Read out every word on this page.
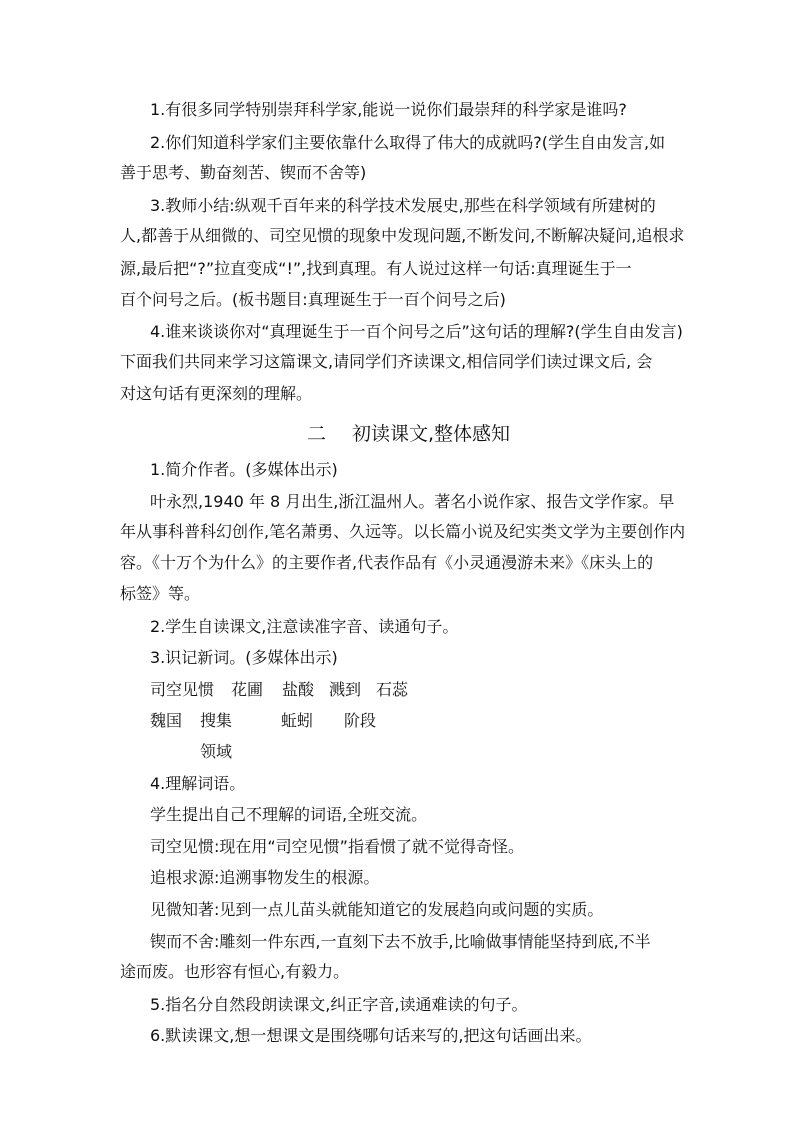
1.有很多同学特别崇拜科学家,能说一说你们最崇拜的科学家是谁吗?
2.你们知道科学家们主要依靠什么取得了伟大的成就吗?(学生自由发言,如
善于思考、勤奋刻苦、锲而不舍等)
3.教师小结:纵观千百年来的科学技术发展史,那些在科学领域有所建树的
人,都善于从细微的、司空见惯的现象中发现问题,不断发问,不断解决疑问,追根求
源,最后把“?”拉直变成“!”,找到真理。有人说过这样一句话:真理诞生于一
百个问号之后。(板书题目:真理诞生于一百个问号之后)
4.谁来谈谈你对“真理诞生于一百个问号之后”这句话的理解?(学生自由发言)
下面我们共同来学习这篇课文,请同学们齐读课文,相信同学们读过课文后, 会
对这句话有更深刻的理解。
二 初读课文,整体感知
1.简介作者。(多媒体出示)
叶永烈,1940 年 8 月出生,浙江温州人。著名小说作家、报告文学作家。早
年从事科普科幻创作,笔名萧勇、久远等。以长篇小说及纪实类文学为主要创作内
容。《十万个为什么》的主要作者,代表作品有《小灵通漫游未来》《床头上的
标签》等。
2.学生自读课文,注意读准字音、读通句子。
3.识记新词。(多媒体出示)
司空见惯 花圃 盐酸 溅到 石蕊
魏国 搜集	蚯蚓 阶段
领域
4.理解词语。
学生提出自己不理解的词语,全班交流。
司空见惯:现在用“司空见惯”指看惯了就不觉得奇怪。
追根求源:追溯事物发生的根源。
见微知著:见到一点儿苗头就能知道它的发展趋向或问题的实质。
锲而不舍:雕刻一件东西,一直刻下去不放手,比喻做事情能坚持到底,不半
途而废。也形容有恒心,有毅力。
5.指名分自然段朗读课文,纠正字音,读通难读的句子。
6.默读课文,想一想课文是围绕哪句话来写的,把这句话画出来。
